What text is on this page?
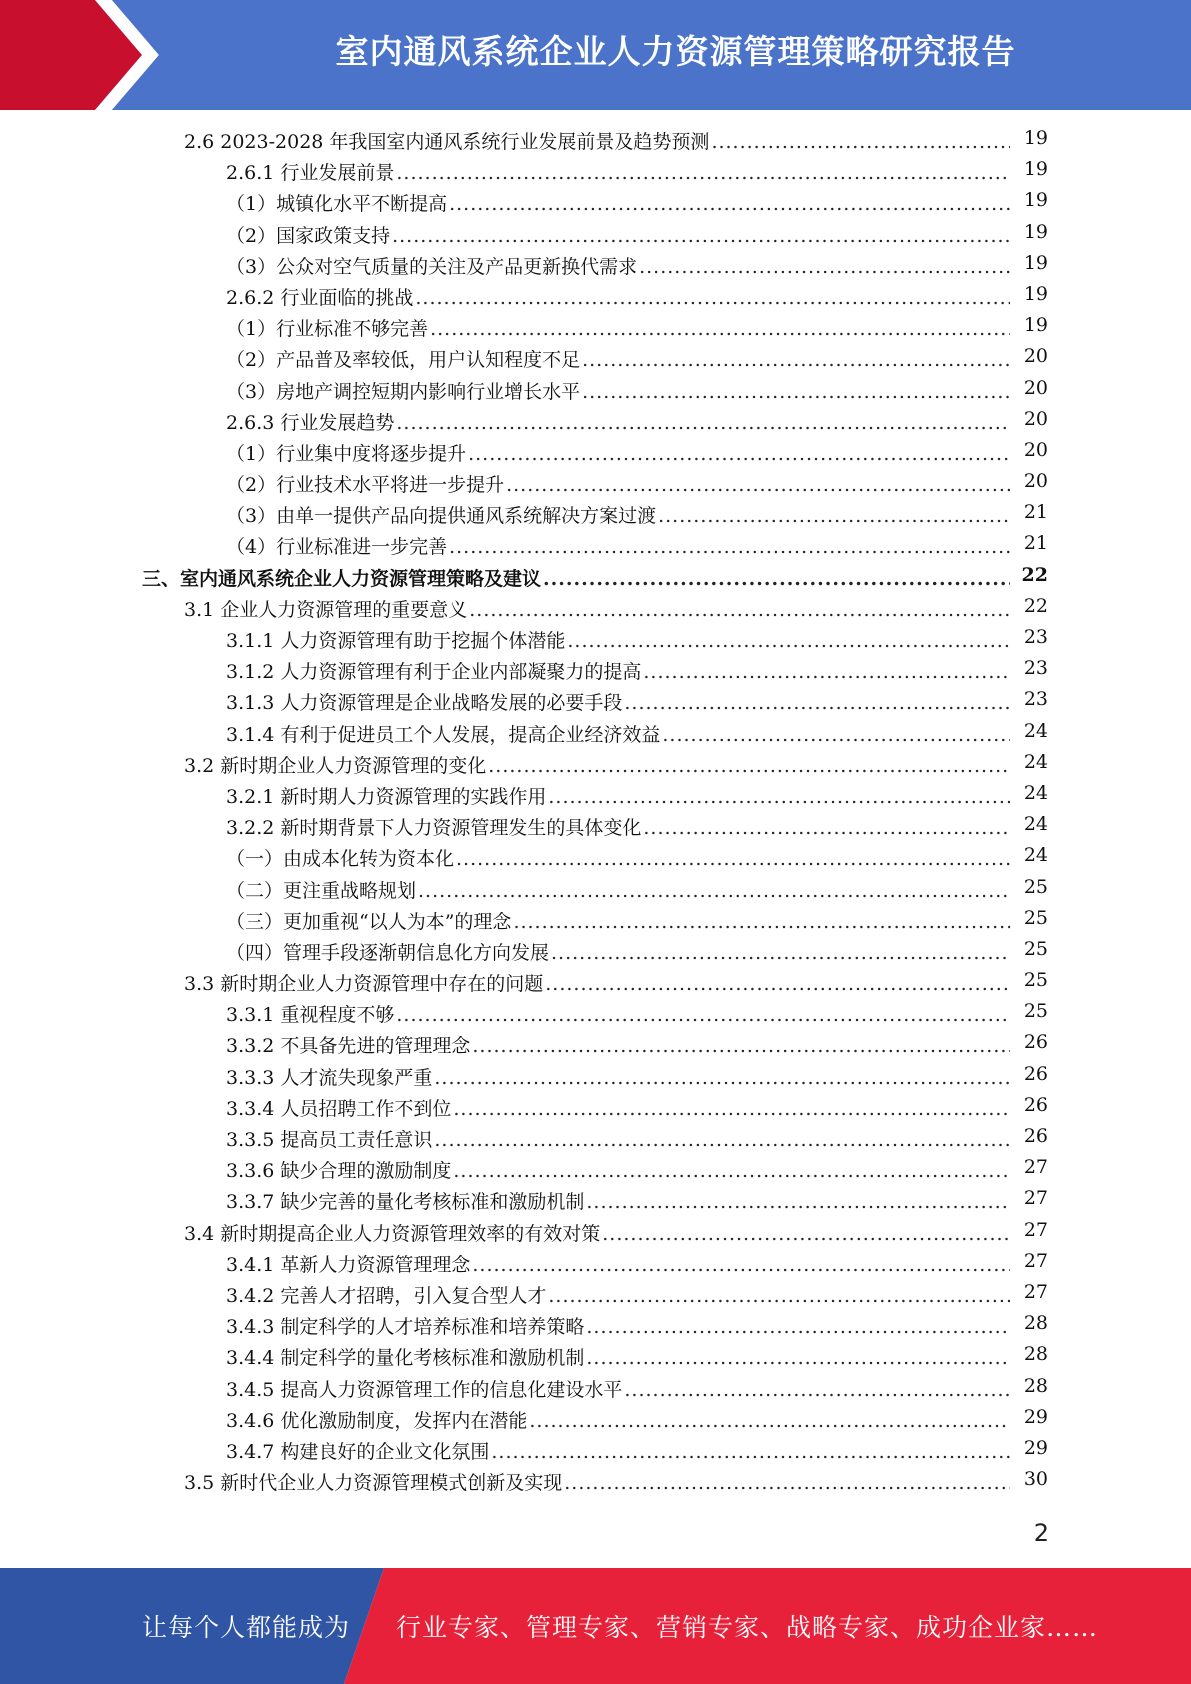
室内通风系统企业人力资源管理策略研究报告
2.6 2023-2028 年我国室内通风系统行业发展前景及趋势预测 .....	19
2.6.1 行业发展前景 .....	19
（1）城镇化水平不断提高 .....	19
（2）国家政策支持 .....	19
（3）公众对空气质量的关注及产品更新换代需求 .....	19
2.6.2 行业面临的挑战 .....	19
（1）行业标准不够完善 .....	19
（2）产品普及率较低，用户认知程度不足 .....	20
（3）房地产调控短期内影响行业增长水平 .....	20
2.6.3 行业发展趋势 .....	20
（1）行业集中度将逐步提升 .....	20
（2）行业技术水平将进一步提升 .....	20
（3）由单一提供产品向提供通风系统解决方案过渡 .....	21
（4）行业标准进一步完善 .....	21
三、室内通风系统企业人力资源管理策略及建议 .....	22
3.1 企业人力资源管理的重要意义 .....	22
3.1.1 人力资源管理有助于挖掘个体潜能 .....	23
3.1.2 人力资源管理有利于企业内部凝聚力的提高 .....	23
3.1.3 人力资源管理是企业战略发展的必要手段 .....	23
3.1.4 有利于促进员工个人发展，提高企业经济效益 .....	24
3.2 新时期企业人力资源管理的变化 .....	24
3.2.1 新时期人力资源管理的实践作用 .....	24
3.2.2 新时期背景下人力资源管理发生的具体变化 .....	24
（一）由成本化转为资本化 .....	24
（二）更注重战略规划 .....	25
（三）更加重视“以人为本”的理念 .....	25
（四）管理手段逐渐朝信息化方向发展 .....	25
3.3 新时期企业人力资源管理中存在的问题 .....	25
3.3.1 重视程度不够 .....	25
3.3.2 不具备先进的管理理念 .....	26
3.3.3 人才流失现象严重 .....	26
3.3.4 人员招聘工作不到位 .....	26
3.3.5 提高员工责任意识 .....	26
3.3.6 缺少合理的激励制度 .....	27
3.3.7 缺少完善的量化考核标准和激励机制 .....	27
3.4 新时期提高企业人力资源管理效率的有效对策 .....	27
3.4.1 革新人力资源管理理念 .....	27
3.4.2 完善人才招聘，引入复合型人才 .....	27
3.4.3 制定科学的人才培养标准和培养策略 .....	28
3.4.4 制定科学的量化考核标准和激励机制 .....	28
3.4.5 提高人力资源管理工作的信息化建设水平 .....	28
3.4.6 优化激励制度，发挥内在潜能 .....	29
3.4.7 构建良好的企业文化氛围 .....	29
3.5 新时代企业人力资源管理模式创新及实现 .....	30
2
让每个人都能成为 行业专家、管理专家、营销专家、战略专家、成功企业家……
